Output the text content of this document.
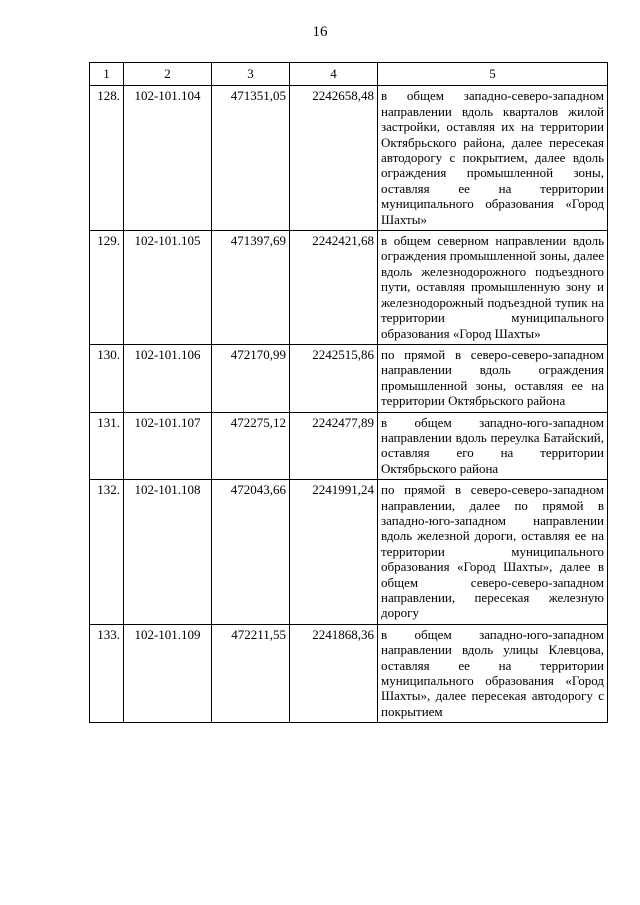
16
1	2	3	4	5
128.	102-101.104	471351,05	2242658,48	в общем западно-северо-западном направлении вдоль кварталов жилой застройки, оставляя их на территории Октябрьского района, далее пересекая автодорогу с покрытием, далее вдоль ограждения промышленной зоны, оставляя ее на территории муниципального образования «Город Шахты»
129.	102-101.105	471397,69	2242421,68	в общем северном направлении вдоль ограждения промышленной зоны, далее вдоль железнодорожного подъездного пути, оставляя промышленную зону и железнодорожный подъездной тупик на территории муниципального образования «Город Шахты»
130.	102-101.106	472170,99	2242515,86	по прямой в северо-северо-западном направлении вдоль ограждения промышленной зоны, оставляя ее на территории Октябрьского района
131.	102-101.107	472275,12	2242477,89	в общем западно-юго-западном направлении вдоль переулка Батайский, оставляя его на территории Октябрьского района
132.	102-101.108	472043,66	2241991,24	по прямой в северо-северо-западном направлении, далее по прямой в западно-юго-западном направлении вдоль железной дороги, оставляя ее на территории муниципального образования «Город Шахты», далее в общем северо-северо-западном направлении, пересекая железную дорогу
133.	102-101.109	472211,55	2241868,36	в общем западно-юго-западном направлении вдоль улицы Клевцова, оставляя ее на территории муниципального образования «Город Шахты», далее пересекая автодорогу с покрытием
